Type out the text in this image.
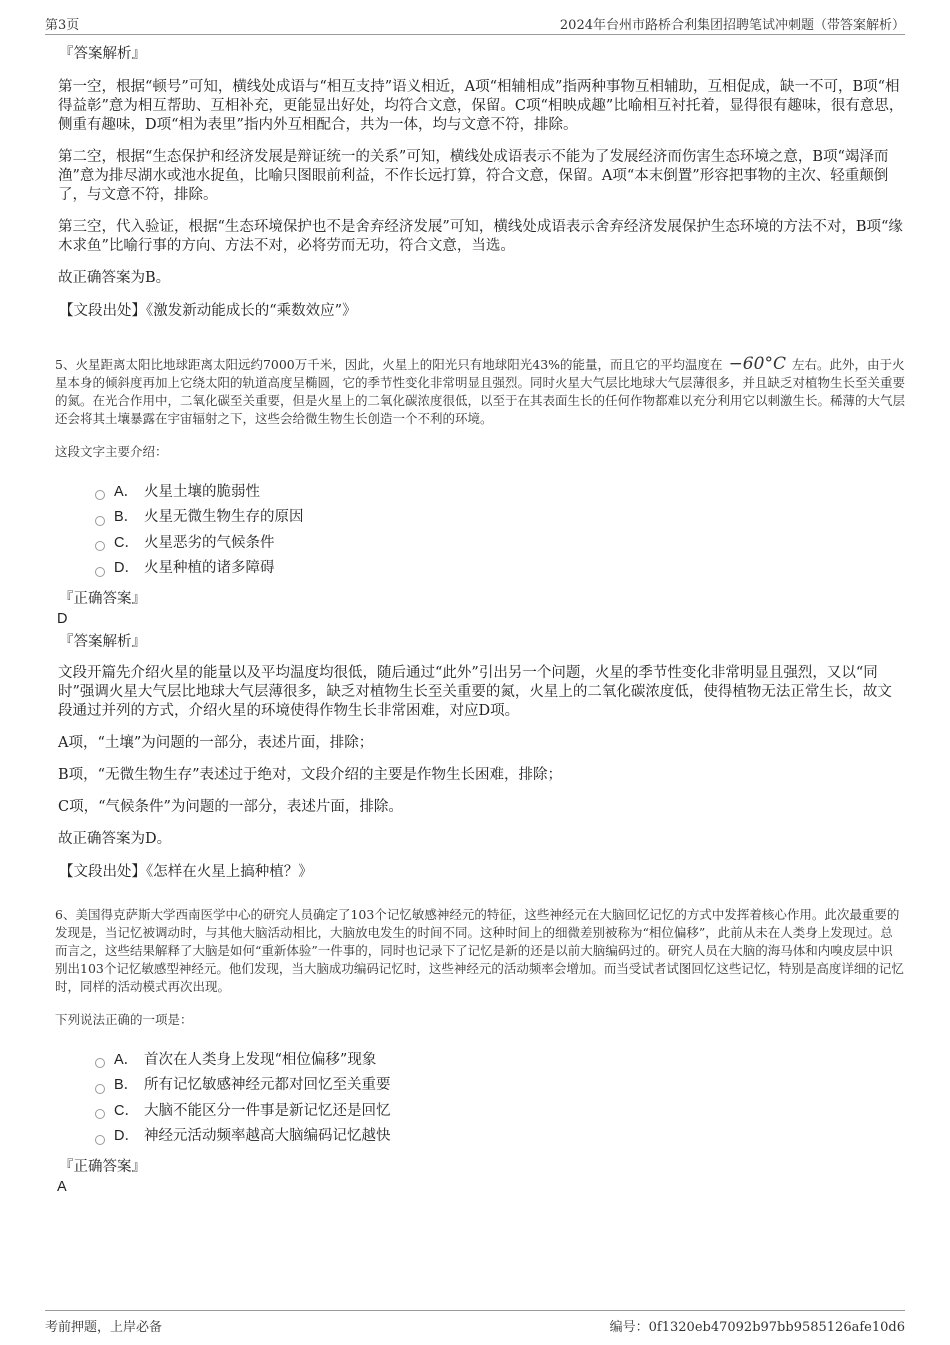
第3页	2024年台州市路桥合利集团招聘笔试冲刺题（带答案解析）
『答案解析』
第一空，根据“顿号”可知，横线处成语与“相互支持”语义相近，A项“相辅相成”指两种事物互相辅助，互相促成，缺一不可，B项“相得益彰”意为相互帮助、互相补充，更能显出好处，均符合文意，保留。C项“相映成趣”比喻相互衬托着，显得很有趣味，很有意思，侧重有趣味，D项“相为表里”指内外互相配合，共为一体，均与文意不符，排除。
第二空，根据“生态保护和经济发展是辩证统一的关系”可知，横线处成语表示不能为了发展经济而伤害生态环境之意，B项“竭泽而渔”意为排尽湖水或池水捉鱼，比喻只图眼前利益，不作长远打算，符合文意，保留。A项“本末倒置”形容把事物的主次、轻重颠倒了，与文意不符，排除。
第三空，代入验证，根据“生态环境保护也不是舍弃经济发展”可知，横线处成语表示舍弃经济发展保护生态环境的方法不对，B项“缘木求鱼”比喻行事的方向、方法不对，必将劳而无功，符合文意，当选。
故正确答案为B。
【文段出处】《激发新动能成长的“乘数效应”》
5、火星距离太阳比地球距离太阳远约7000万千米，因此，火星上的阳光只有地球阳光43%的能量，而且它的平均温度在 −60°C 左右。此外，由于火星本身的倾斜度再加上它绕太阳的轨道高度呈椭圆，它的季节性变化非常明显且强烈。同时火星大气层比地球大气层薄很多，并且缺乏对植物生长至关重要的氮。在光合作用中，二氧化碳至关重要，但是火星上的二氧化碳浓度很低，以至于在其表面生长的任何作物都难以充分利用它以刺激生长。稀薄的大气层还会将其土壤暴露在宇宙辐射之下，这些会给微生物生长创造一个不利的环境。
这段文字主要介绍：
A． 火星土壤的脆弱性
B． 火星无微生物生存的原因
C． 火星恶劣的气候条件
D． 火星种植的诸多障碍
『正确答案』
D
『答案解析』
文段开篇先介绍火星的能量以及平均温度均很低，随后通过“此外”引出另一个问题，火星的季节性变化非常明显且强烈，又以“同时”强调火星大气层比地球大气层薄很多，缺乏对植物生长至关重要的氮，火星上的二氧化碳浓度低，使得植物无法正常生长，故文段通过并列的方式，介绍火星的环境使得作物生长非常困难，对应D项。
A项，“土壤”为问题的一部分，表述片面，排除；
B项，“无微生物生存”表述过于绝对，文段介绍的主要是作物生长困难，排除；
C项，“气候条件”为问题的一部分，表述片面，排除。
故正确答案为D。
【文段出处】《怎样在火星上搞种植？》
6、美国得克萨斯大学西南医学中心的研究人员确定了103个记忆敏感神经元的特征，这些神经元在大脑回忆记忆的方式中发挥着核心作用。此次最重要的发现是，当记忆被调动时，与其他大脑活动相比，大脑放电发生的时间不同。这种时间上的细微差别被称为“相位偏移”，此前从未在人类身上发现过。总而言之，这些结果解释了大脑是如何“重新体验”一件事的，同时也记录下了记忆是新的还是以前大脑编码过的。研究人员在大脑的海马体和内嗅皮层中识别出103个记忆敏感型神经元。他们发现，当大脑成功编码记忆时，这些神经元的活动频率会增加。而当受试者试图回忆这些记忆，特别是高度详细的记忆时，同样的活动模式再次出现。
下列说法正确的一项是：
A． 首次在人类身上发现“相位偏移”现象
B． 所有记忆敏感神经元都对回忆至关重要
C． 大脑不能区分一件事是新记忆还是回忆
D． 神经元活动频率越高大脑编码记忆越快
『正确答案』
A
考前押题，上岸必备	编号：0f1320eb47092b97bb9585126afe10d6
